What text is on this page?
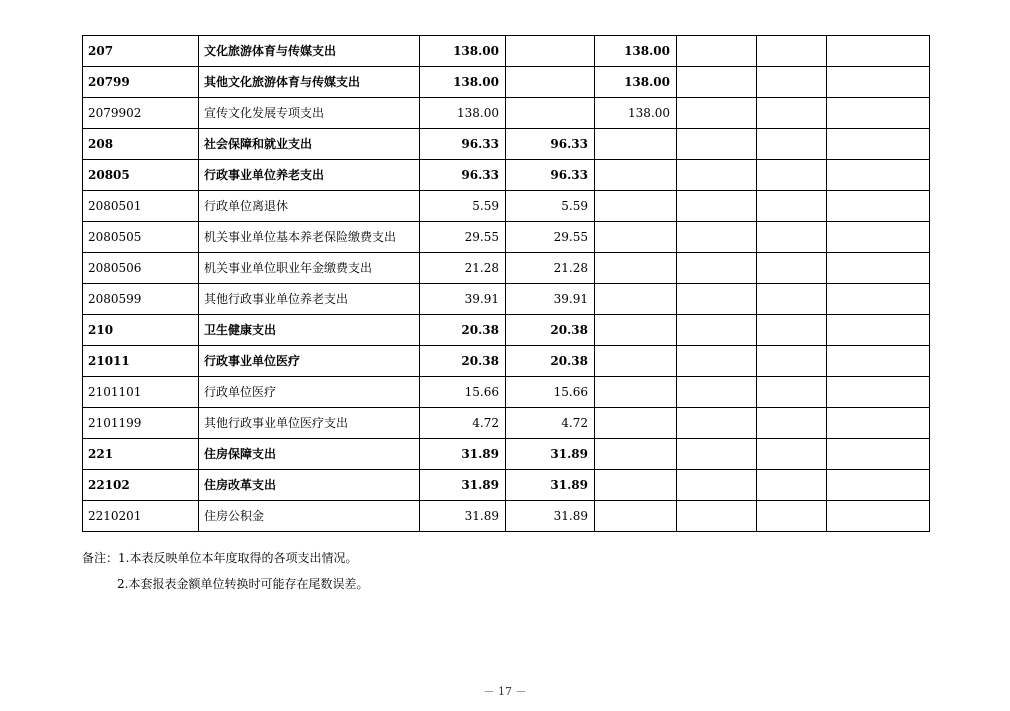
207	文化旅游体育与传媒支出	138.00		138.00			
20799	其他文化旅游体育与传媒支出	138.00		138.00			
2079902	宣传文化发展专项支出	138.00		138.00			
208	社会保障和就业支出	96.33	96.33				
20805	行政事业单位养老支出	96.33	96.33				
2080501	行政单位离退休	5.59	5.59				
2080505	机关事业单位基本养老保险缴费支出	29.55	29.55				
2080506	机关事业单位职业年金缴费支出	21.28	21.28				
2080599	其他行政事业单位养老支出	39.91	39.91				
210	卫生健康支出	20.38	20.38				
21011	行政事业单位医疗	20.38	20.38				
2101101	行政单位医疗	15.66	15.66				
2101199	其他行政事业单位医疗支出	4.72	4.72				
221	住房保障支出	31.89	31.89				
22102	住房改革支出	31.89	31.89				
2210201	住房公积金	31.89	31.89				
备注：1.本表反映单位本年度取得的各项支出情况。
2.本套报表金额单位转换时可能存在尾数误差。
－ 17 －
